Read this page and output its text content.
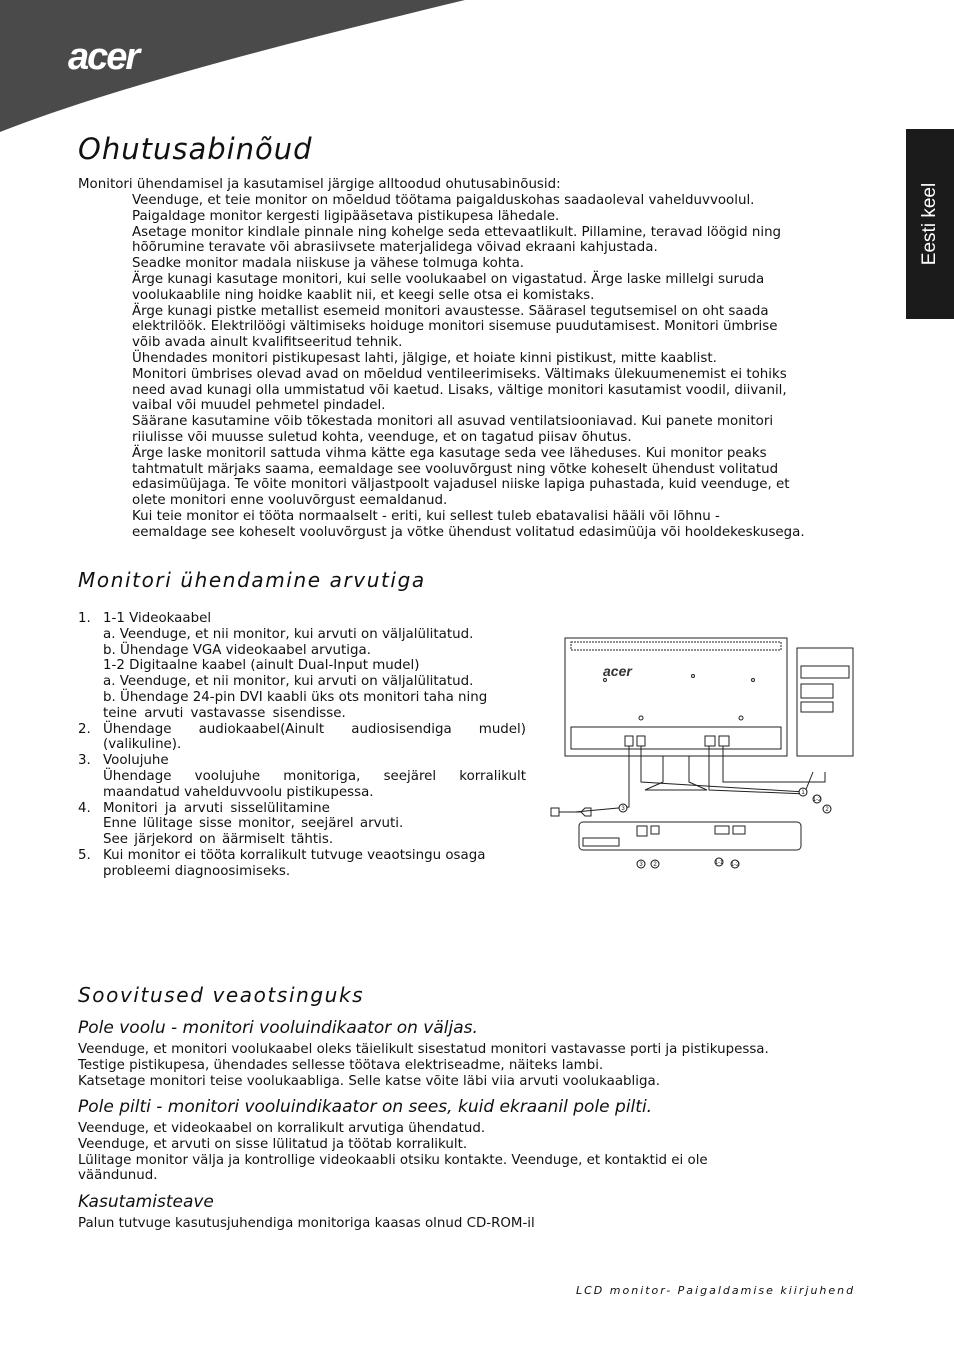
acer
Eesti keel
Ohutusabinõud
Monitori ühendamisel ja kasutamisel järgige alltoodud ohutusabinõusid:
Veenduge, et teie monitor on mõeldud töötama paigalduskohas saadaoleval vahelduvvoolul.
Paigaldage monitor kergesti ligipääsetava pistikupesa lähedale.
Asetage monitor kindlale pinnale ning kohelge seda ettevaatlikult. Pillamine, teravad löögid ning
hõõrumine teravate või abrasiivsete materjalidega võivad ekraani kahjustada.
Seadke monitor madala niiskuse ja vähese tolmuga kohta.
Ärge kunagi kasutage monitori, kui selle voolukaabel on vigastatud. Ärge laske millelgi suruda
voolukaablile ning hoidke kaablit nii, et keegi selle otsa ei komistaks.
Ärge kunagi pistke metallist esemeid monitori avaustesse. Säärasel tegutsemisel on oht saada
elektrilöök. Elektrilöögi vältimiseks hoiduge monitori sisemuse puudutamisest. Monitori ümbrise
võib avada ainult kvalifitseeritud tehnik.
Ühendades monitori pistikupesast lahti, jälgige, et hoiate kinni pistikust, mitte kaablist.
Monitori ümbrises olevad avad on mõeldud ventileerimiseks. Vältimaks ülekuumenemist ei tohiks
need avad kunagi olla ummistatud või kaetud. Lisaks, vältige monitori kasutamist voodil, diivanil,
vaibal või muudel pehmetel pindadel.
Säärane kasutamine võib tõkestada monitori all asuvad ventilatsiooniavad. Kui panete monitori
riiulisse või muusse suletud kohta, veenduge, et on tagatud piisav õhutus.
Ärge laske monitoril sattuda vihma kätte ega kasutage seda vee läheduses. Kui monitor peaks
tahtmatult märjaks saama, eemaldage see vooluvõrgust ning võtke koheselt ühendust volitatud
edasimüüjaga. Te võite monitori väljastpoolt vajadusel niiske lapiga puhastada, kuid veenduge, et
olete monitori enne vooluvõrgust eemaldanud.
Kui teie monitor ei tööta normaalselt - eriti, kui sellest tuleb ebatavalisi hääli või lõhnu -
eemaldage see koheselt vooluvõrgust ja võtke ühendust volitatud edasimüüja või hooldekeskusega.
Monitori ühendamine arvutiga
1. 1-1 Videokaabel
a. Veenduge, et nii monitor, kui arvuti on väljalülitatud.
b. Ühendage VGA videokaabel arvutiga.
1-2 Digitaalne kaabel (ainult Dual-Input mudel)
a. Veenduge, et nii monitor, kui arvuti on väljalülitatud.
b. Ühendage 24-pin DVI kaabli üks ots monitori taha ning
teine arvuti vastavasse sisendisse.
2. Ühendage audiokaabel(Ainult audiosisendiga mudel)
(valikuline).
3. Voolujuhe
Ühendage voolujuhe monitoriga, seejärel korralikult
maandatud vahelduvvoolu pistikupessa.
4. Monitori ja arvuti sisselülitamine
Enne lülitage sisse monitor, seejärel arvuti.
See järjekord on äärmiselt tähtis.
5. Kui monitor ei tööta korralikult tutvuge veaotsingu osaga
probleemi diagnoosimiseks.
acer
3
3 2	1-1 1-2
1
1-2
2
Soovitused veaotsinguks
Pole voolu - monitori vooluindikaator on väljas.
Veenduge, et monitori voolukaabel oleks täielikult sisestatud monitori vastavasse porti ja pistikupessa.
Testige pistikupesa, ühendades sellesse töötava elektriseadme, näiteks lambi.
Katsetage monitori teise voolukaabliga. Selle katse võite läbi viia arvuti voolukaabliga.
Pole pilti - monitori vooluindikaator on sees, kuid ekraanil pole pilti.
Veenduge, et videokaabel on korralikult arvutiga ühendatud.
Veenduge, et arvuti on sisse lülitatud ja töötab korralikult.
Lülitage monitor välja ja kontrollige videokaabli otsiku kontakte. Veenduge, et kontaktid ei ole
väändunud.
Kasutamisteave
Palun tutvuge kasutusjuhendiga monitoriga kaasas olnud CD-ROM-il
LCD monitor- Paigaldamise kiirjuhend
